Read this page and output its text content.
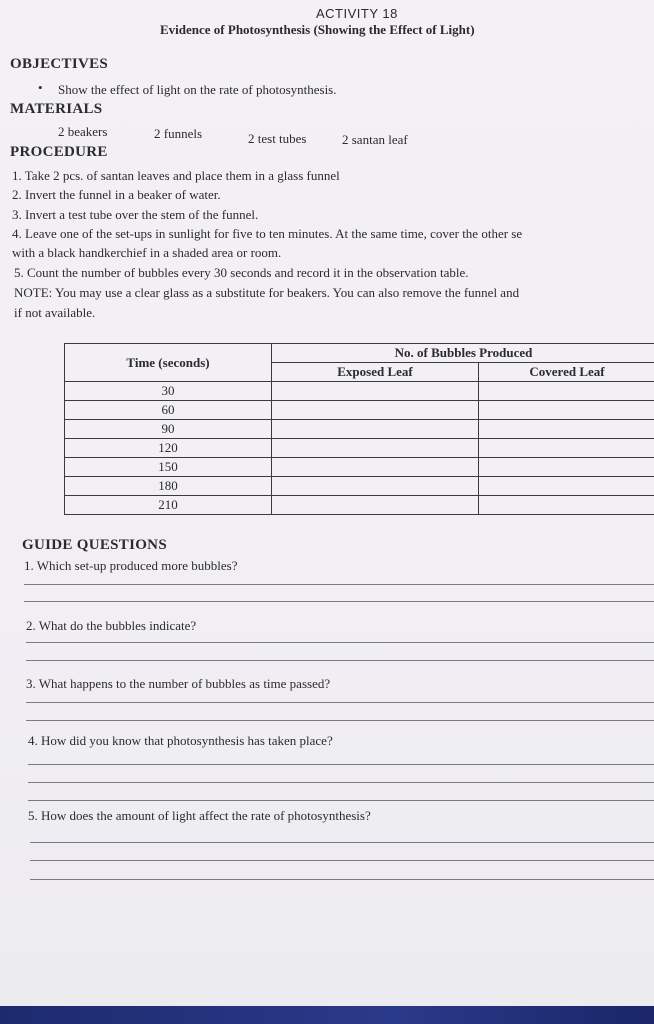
ACTIVITY 18
Evidence of Photosynthesis (Showing the Effect of Light)
OBJECTIVES
• Show the effect of light on the rate of photosynthesis.
MATERIALS
2 beakers	2 funnels	2 test tubes	2 santan leaf
PROCEDURE
1. Take 2 pcs. of santan leaves and place them in a glass funnel
2. Invert the funnel in a beaker of water.
3. Invert a test tube over the stem of the funnel.
4. Leave one of the set-ups in sunlight for five to ten minutes. At the same time, cover the other se
with a black handkerchief in a shaded area or room.
5. Count the number of bubbles every 30 seconds and record it in the observation table.
NOTE: You may use a clear glass as a substitute for beakers. You can also remove the funnel and
if not available.
Time (seconds)	No. of Bubbles Produced	
	Exposed Leaf	Covered Leaf
30		
60		
90		
120		
150		
180		
210		
GUIDE QUESTIONS
1. Which set-up produced more bubbles?
2. What do the bubbles indicate?
3. What happens to the number of bubbles as time passed?
4. How did you know that photosynthesis has taken place?
5. How does the amount of light affect the rate of photosynthesis?
